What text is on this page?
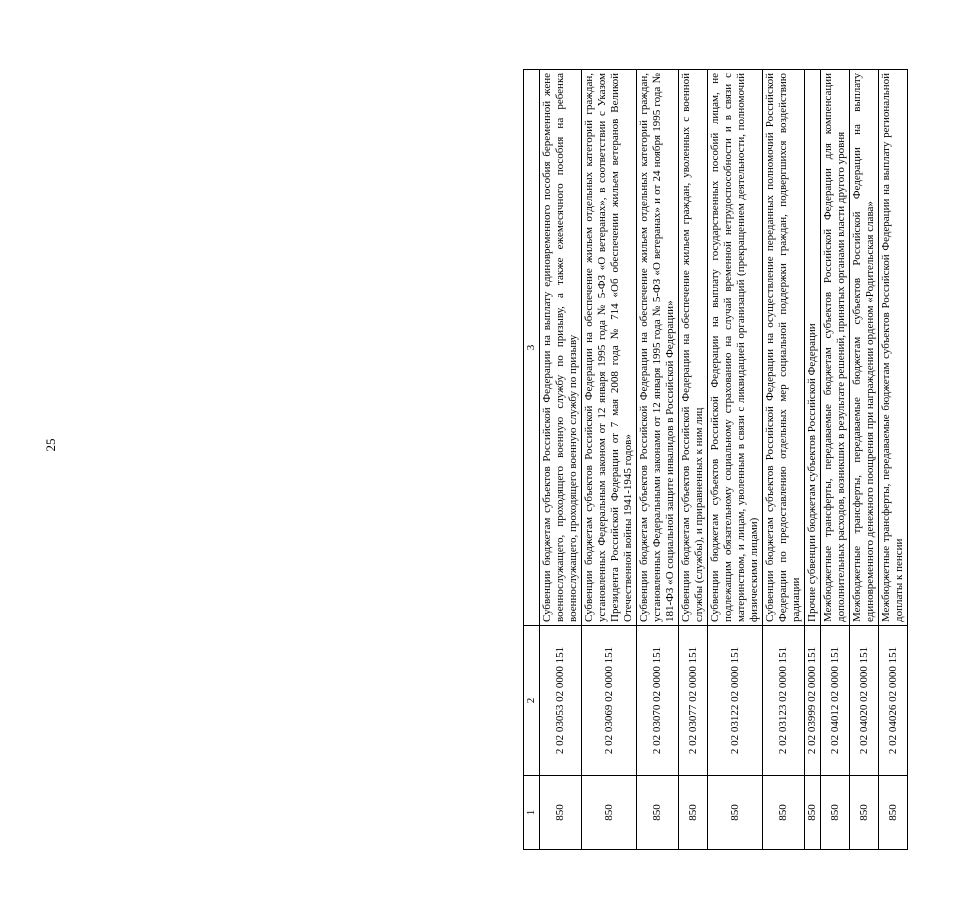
25
1	2	3
850	2 02 03053 02 0000 151	Субвенции бюджетам субъектов Российской Федерации на выплату единовременного пособия беременной жене военнослужащего, проходящего военную службу по призыву, а также ежемесячного пособия на ребенка военнослужащего, проходящего военную службу по призыву
850	2 02 03069 02 0000 151	Субвенции бюджетам субъектов Российской Федерации на обеспечение жильем отдельных категорий граждан, установленных Федеральным законом от 12 января 1995 года № 5-ФЗ «О ветеранах», в соответствии с Указом Президента Российской Федерации от 7 мая 2008 года № 714 «Об обеспечении жильем ветеранов Великой Отечественной войны 1941-1945 годов»
850	2 02 03070 02 0000 151	Субвенции бюджетам субъектов Российской Федерации на обеспечение жильем отдельных категорий граждан, установленных Федеральными законами от 12 января 1995 года № 5-ФЗ «О ветеранах» и от 24 ноября 1995 года № 181-ФЗ «О социальной защите инвалидов в Российской Федерации»
850	2 02 03077 02 0000 151	Субвенции бюджетам субъектов Российской Федерации на обеспечение жильем граждан, уволенных с военной службы (службы), и приравненных к ним лиц
850	2 02 03122 02 0000 151	Субвенции бюджетам субъектов Российской Федерации на выплату государственных пособий лицам, не подлежащим обязательному социальному страхованию на случай временной нетрудоспособности и в связи с материнством, и лицам, уволенным в связи с ликвидацией организаций (прекращением деятельности, полномочий физическими лицами)
850	2 02 03123 02 0000 151	Субвенции бюджетам субъектов Российской Федерации на осуществление переданных полномочий Российской Федерации по предоставлению отдельных мер социальной поддержки граждан, подвергшихся воздействию радиации
850	2 02 03999 02 0000 151	Прочие субвенции бюджетам субъектов Российской Федерации
850	2 02 04012 02 0000 151	Межбюджетные трансферты, передаваемые бюджетам субъектов Российской Федерации для компенсации дополнительных расходов, возникших в результате решений, принятых органами власти другого уровня
850	2 02 04020 02 0000 151	Межбюджетные трансферты, передаваемые бюджетам субъектов Российской Федерации на выплату единовременного денежного поощрения при награждении орденом «Родительская слава»
850	2 02 04026 02 0000 151	Межбюджетные трансферты, передаваемые бюджетам субъектов Российской Федерации на выплату региональной доплаты к пенсии
